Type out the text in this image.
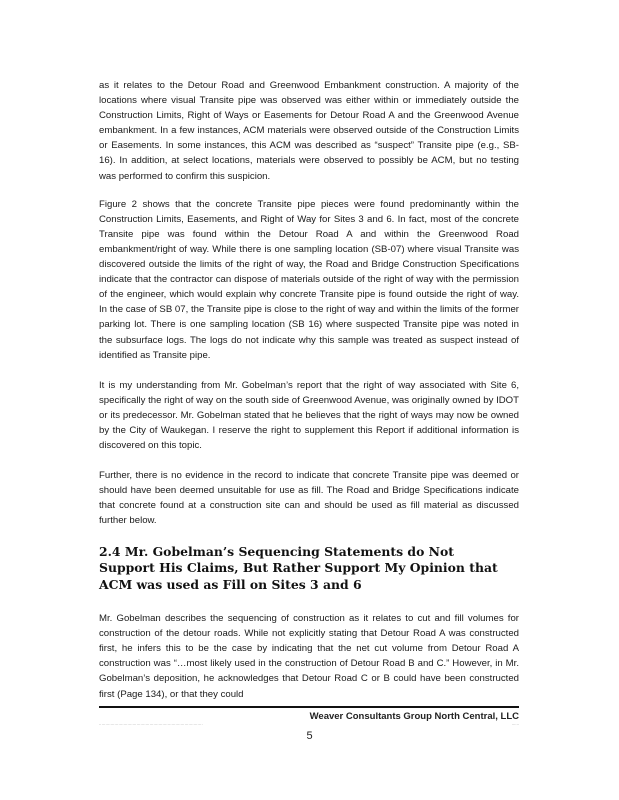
as it relates to the Detour Road and Greenwood Embankment construction. A majority of the locations where visual Transite pipe was observed was either within or immediately outside the Construction Limits, Right of Ways or Easements for Detour Road A and the Greenwood Avenue embankment. In a few instances, ACM materials were observed outside of the Construction Limits or Easements. In some instances, this ACM was described as “suspect” Transite pipe (e.g., SB-16). In addition, at select locations, materials were observed to possibly be ACM, but no testing was performed to confirm this suspicion.

Figure 2 shows that the concrete Transite pipe pieces were found predominantly within the Construction Limits, Easements, and Right of Way for Sites 3 and 6. In fact, most of the concrete Transite pipe was found within the Detour Road A and within the Greenwood Road embankment/right of way. While there is one sampling location (SB-07) where visual Transite was discovered outside the limits of the right of way, the Road and Bridge Construction Specifications indicate that the contractor can dispose of materials outside of the right of way with the permission of the engineer, which would explain why concrete Transite pipe is found outside the right of way. In the case of SB 07, the Transite pipe is close to the right of way and within the limits of the former parking lot. There is one sampling location (SB 16) where suspected Transite pipe was noted in the subsurface logs. The logs do not indicate why this sample was treated as suspect instead of identified as Transite pipe.

It is my understanding from Mr. Gobelman’s report that the right of way associated with Site 6, specifically the right of way on the south side of Greenwood Avenue, was originally owned by IDOT or its predecessor. Mr. Gobelman stated that he believes that the right of ways may now be owned by the City of Waukegan. I reserve the right to supplement this Report if additional information is discovered on this topic.

Further, there is no evidence in the record to indicate that concrete Transite pipe was deemed or should have been deemed unsuitable for use as fill. The Road and Bridge Specifications indicate that concrete found at a construction site can and should be used as fill material as discussed further below.

2.4 Mr. Gobelman’s Sequencing Statements do Not Support His Claims, But Rather Support My Opinion that ACM was used as Fill on Sites 3 and 6

Mr. Gobelman describes the sequencing of construction as it relates to cut and fill volumes for construction of the detour roads. While not explicitly stating that Detour Road A was constructed first, he infers this to be the case by indicating that the net cut volume from Detour Road A construction was “…most likely used in the construction of Detour Road B and C.” However, in Mr. Gobelman’s deposition, he acknowledges that Detour Road C or B could have been constructed first (Page 134), or that they could

Weaver Consultants Group North Central, LLC
················································································	······
5
